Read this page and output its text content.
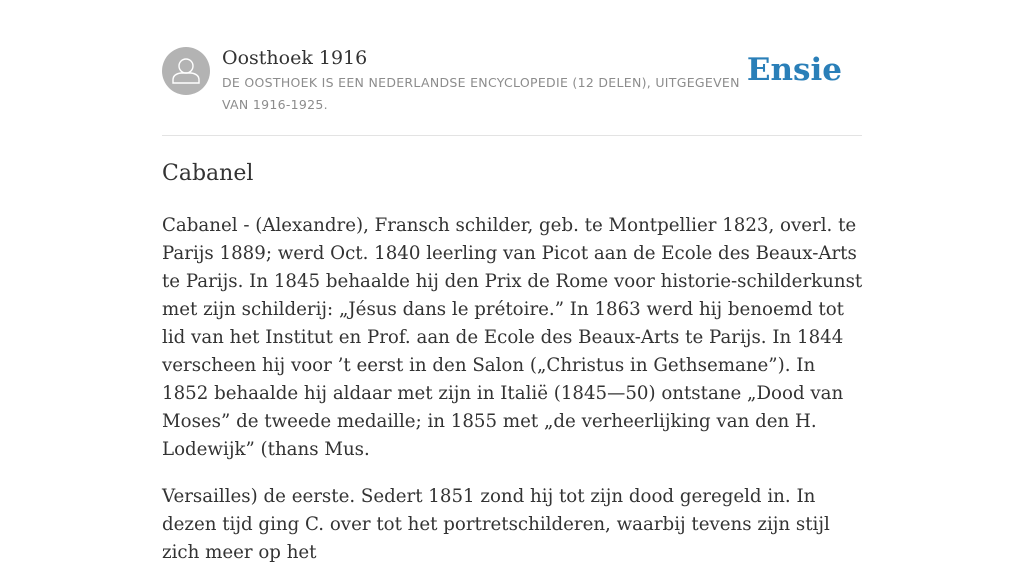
Oosthoek 1916
DE OOSTHOEK IS EEN NEDERLANDSE ENCYCLOPEDIE (12 DELEN), UITGEGEVEN VAN 1916-1925.
Ensie
Cabanel

Cabanel - (Alexandre), Fransch schilder, geb. te Montpellier 1823, overl. te Parijs 1889; werd Oct. 1840 leerling van Picot aan de Ecole des Beaux-Arts te Parijs. In 1845 behaalde hij den Prix de Rome voor historie-schilderkunst met zijn schilderij: „Jésus dans le prétoire.” In 1863 werd hij benoemd tot lid van het Institut en Prof. aan de Ecole des Beaux-Arts te Parijs. In 1844 verscheen hij voor ’t eerst in den Salon („Christus in Gethsemane”). In 1852 behaalde hij aldaar met zijn in Italië (1845—50) ontstane „Dood van Moses” de tweede medaille; in 1855 met „de verheerlijking van den H. Lodewijk” (thans Mus.

Versailles) de eerste. Sedert 1851 zond hij tot zijn dood geregeld in. In dezen tijd ging C. over tot het portretschilderen, waarbij tevens zijn stijl zich meer op het
